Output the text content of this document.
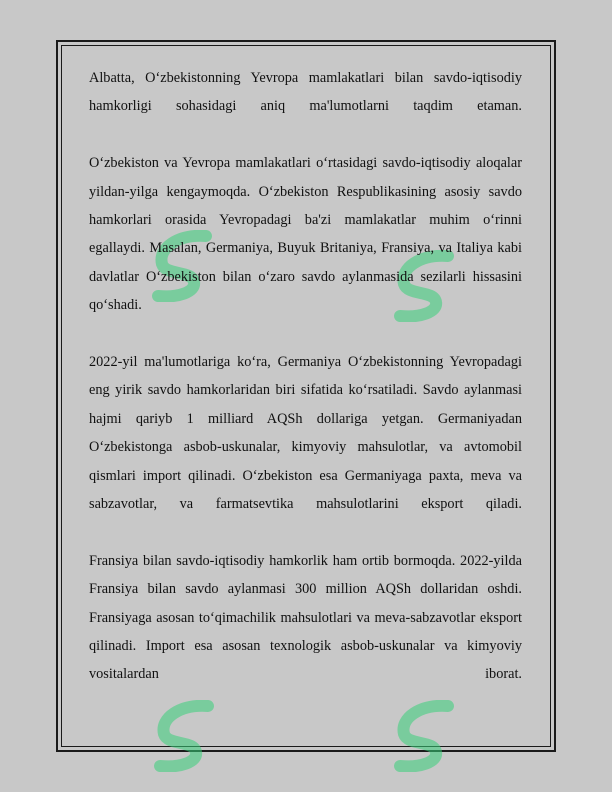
Albatta, O‘zbekistonning Yevropa mamlakatlari bilan savdo-iqtisodiy hamkorligi sohasidagi aniq ma'lumotlarni taqdim etaman.

O‘zbekiston va Yevropa mamlakatlari o‘rtasidagi savdo-iqtisodiy aloqalar yildan-yilga kengaymoqda. O‘zbekiston Respublikasining asosiy savdo hamkorlari orasida Yevropadagi ba'zi mamlakatlar muhim o‘rinni egallaydi. Masalan, Germaniya, Buyuk Britaniya, Fransiya, va Italiya kabi davlatlar O‘zbekiston bilan o‘zaro savdo aylanmasida sezilarli hissasini qo‘shadi.

2022-yil ma'lumotlariga ko‘ra, Germaniya O‘zbekistonning Yevropadagi eng yirik savdo hamkorlaridan biri sifatida ko‘rsatiladi. Savdo aylanmasi hajmi qariyb 1 milliard AQSh dollariga yetgan. Germaniyadan O‘zbekistonga asbob-uskunalar, kimyoviy mahsulotlar, va avtomobil qismlari import qilinadi. O‘zbekiston esa Germaniyaga paxta, meva va sabzavotlar, va farmatsevtika mahsulotlarini eksport qiladi.

Fransiya bilan savdo-iqtisodiy hamkorlik ham ortib bormoqda. 2022-yilda Fransiya bilan savdo aylanmasi 300 million AQSh dollaridan oshdi. Fransiyaga asosan to‘qimachilik mahsulotlari va meva-sabzavotlar eksport qilinadi. Import esa asosan texnologik asbob-uskunalar va kimyoviy vositalardan iborat.
